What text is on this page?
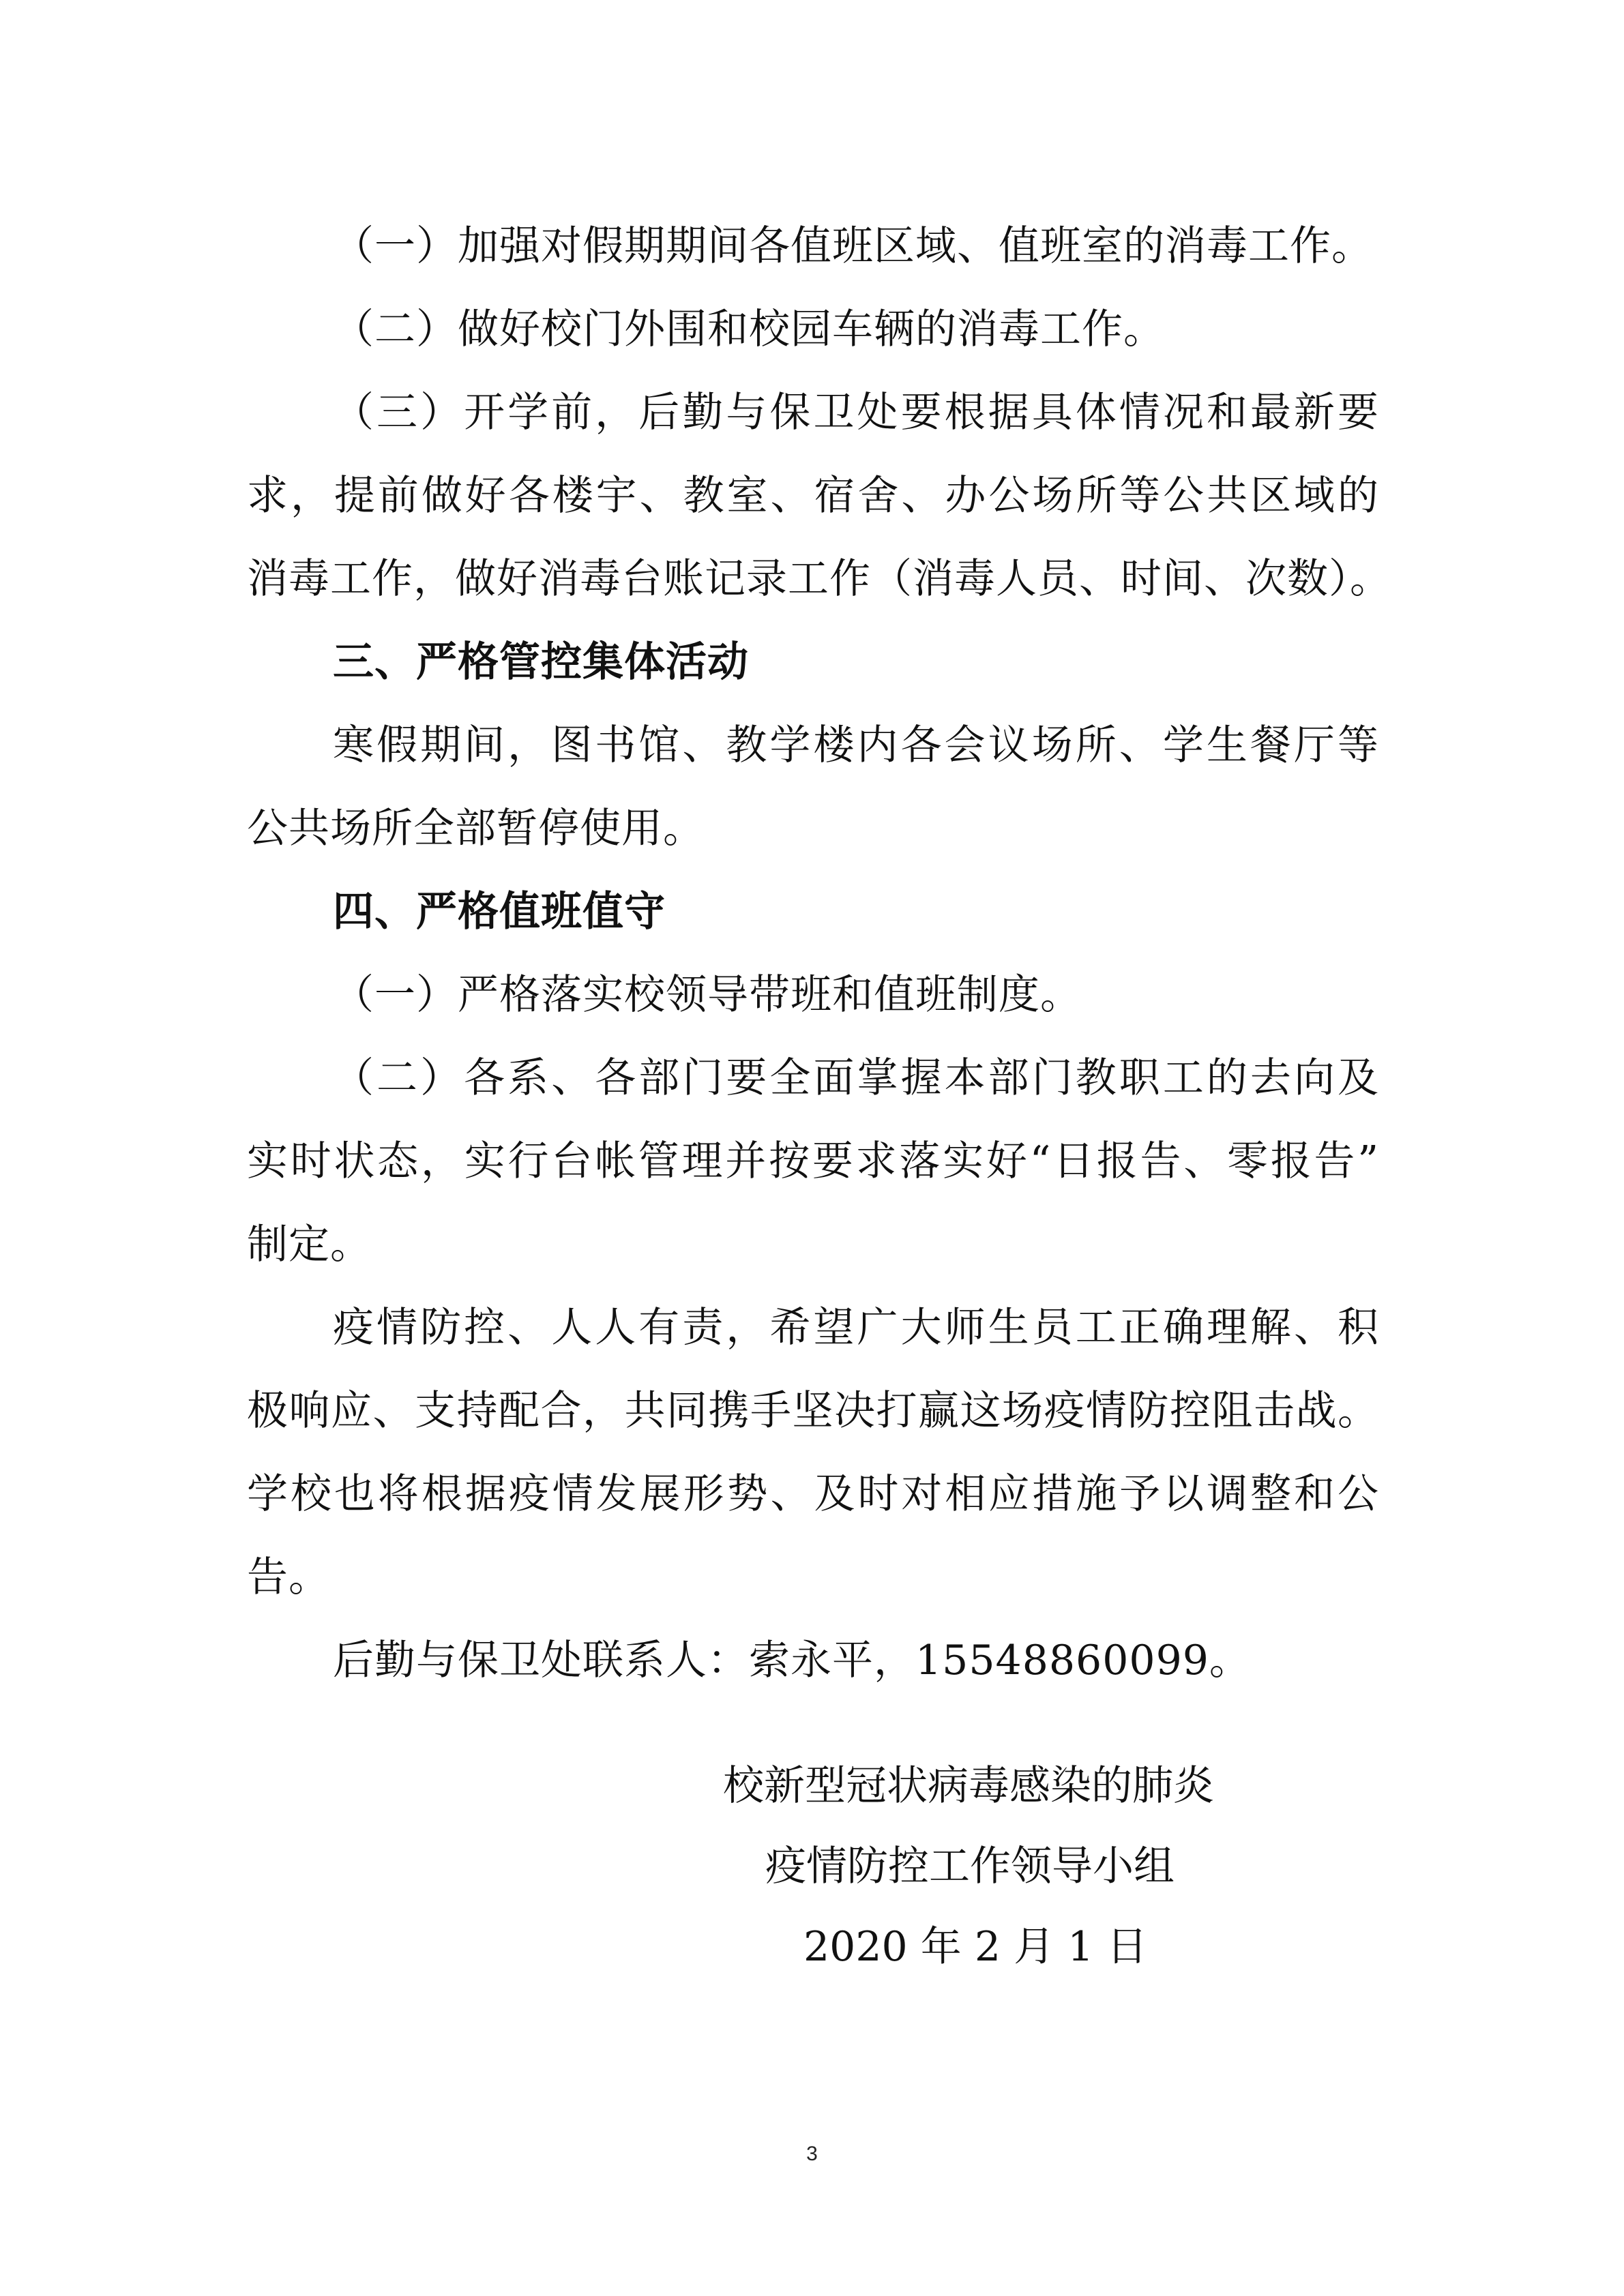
（一）加强对假期期间各值班区域、值班室的消毒工作。
（二）做好校门外围和校园车辆的消毒工作。
（三）开学前，后勤与保卫处要根据具体情况和最新要
求，提前做好各楼宇、教室、宿舍、办公场所等公共区域的
消毒工作，做好消毒台账记录工作（消毒人员、时间、次数）。
三、严格管控集体活动
寒假期间，图书馆、教学楼内各会议场所、学生餐厅等
公共场所全部暂停使用。
四、严格值班值守
（一）严格落实校领导带班和值班制度。
（二）各系、各部门要全面掌握本部门教职工的去向及
实时状态，实行台帐管理并按要求落实好“日报告、零报告”
制定。
疫情防控、人人有责，希望广大师生员工正确理解、积
极响应、支持配合，共同携手坚决打赢这场疫情防控阻击战。
学校也将根据疫情发展形势、及时对相应措施予以调整和公
告。
后勤与保卫处联系人：索永平，15548860099。
校新型冠状病毒感染的肺炎
疫情防控工作领导小组
2020 年 2 月 1 日
3
